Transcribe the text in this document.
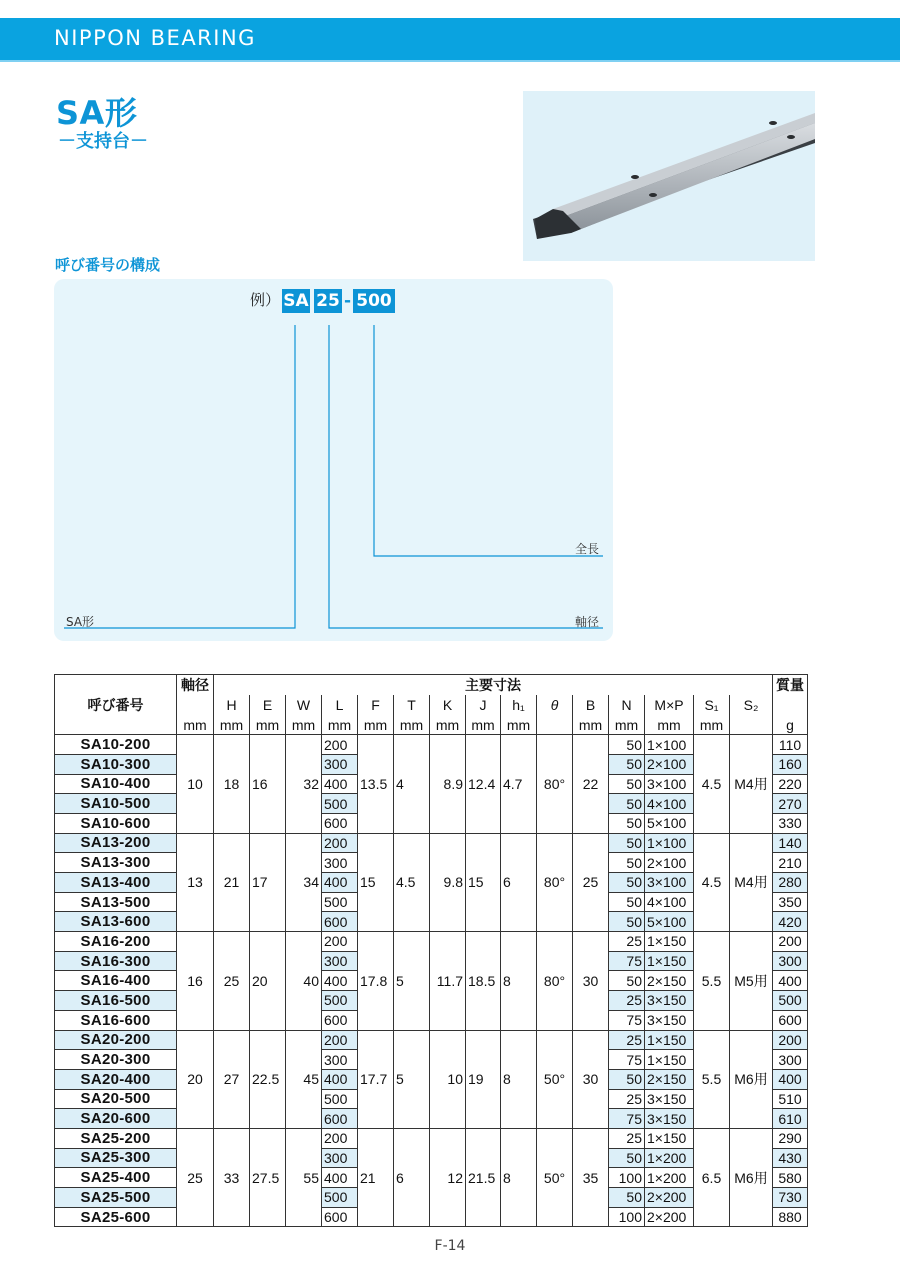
NIPPON BEARING
SA形
－支持台－
呼び番号の構成
例） SA 25 - 500
全長
軸径
SA形
	軸径	主要寸法															質量
呼び番号		H	E	W	L	F	T	K	J	h₁	θ	B	N	M×P	S₁	S₂	
	mm	mm	mm	mm	mm	mm	mm	mm	mm	mm		mm	mm	mm	mm		g
SA10-200	10	18	16	32	200	13.5	4	8.9	12.4	4.7	80°	22	50	1×100	4.5	M4用	110
SA10-300					300								50	2×100			160
SA10-400					400								50	3×100			220
SA10-500					500								50	4×100			270
SA10-600					600								50	5×100			330
SA13-200	13	21	17	34	200	15	4.5	9.8	15	6	80°	25	50	1×100	4.5	M4用	140
SA13-300					300								50	2×100			210
SA13-400					400								50	3×100			280
SA13-500					500								50	4×100			350
SA13-600					600								50	5×100			420
SA16-200	16	25	20	40	200	17.8	5	11.7	18.5	8	80°	30	25	1×150	5.5	M5用	200
SA16-300					300								75	1×150			300
SA16-400					400								50	2×150			400
SA16-500					500								25	3×150			500
SA16-600					600								75	3×150			600
SA20-200	20	27	22.5	45	200	17.7	5	10	19	8	50°	30	25	1×150	5.5	M6用	200
SA20-300					300								75	1×150			300
SA20-400					400								50	2×150			400
SA20-500					500								25	3×150			510
SA20-600					600								75	3×150			610
SA25-200	25	33	27.5	55	200	21	6	12	21.5	8	50°	35	25	1×150	6.5	M6用	290
SA25-300					300								50	1×200			430
SA25-400					400								100	1×200			580
SA25-500					500								50	2×200			730
SA25-600					600								100	2×200			880
F-14
